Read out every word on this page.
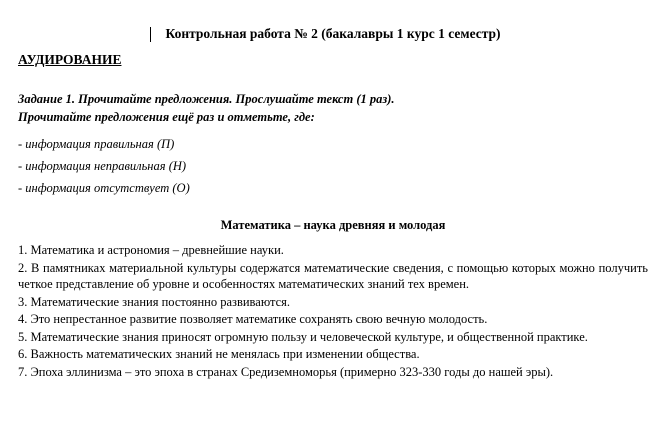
Контрольная работа № 2 (бакалавры 1 курс 1 семестр)
АУДИРОВАНИЕ
Задание 1. Прочитайте предложения. Прослушайте текст (1 раз).
Прочитайте предложения ещё раз и отметьте, где:
- информация правильная (П)
- информация неправильная (Н)
- информация отсутствует (О)
Математика – наука древняя и молодая
1. Математика и астрономия – древнейшие науки.
2. В памятниках материальной культуры содержатся математические сведения, с помощью которых можно получить четкое представление об уровне и особенностях математических знаний тех времен.
3. Математические знания постоянно развиваются.
4. Это непрестанное развитие позволяет математике сохранять свою вечную молодость.
5. Математические знания приносят огромную пользу и человеческой культуре, и общественной практике.
6. Важность математических знаний не менялась при изменении общества.
7. Эпоха эллинизма – это эпоха в странах Средиземноморья (примерно 323-330 годы до нашей эры).
